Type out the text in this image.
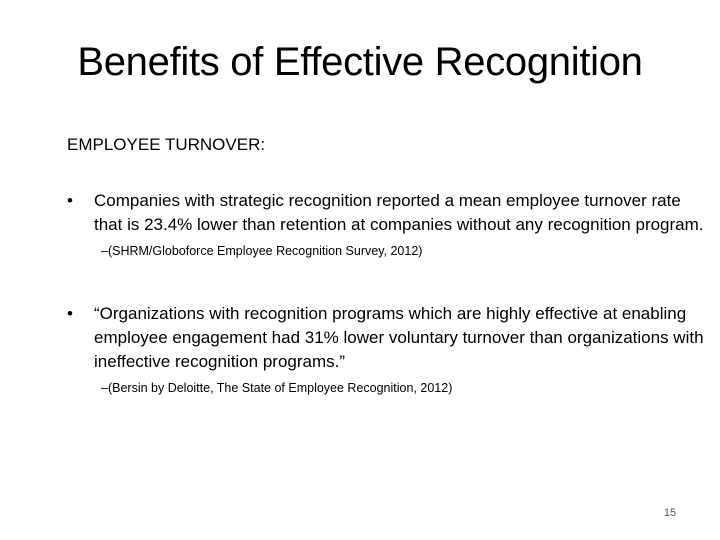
Benefits of Effective Recognition

EMPLOYEE TURNOVER:

•	Companies with strategic recognition reported a mean employee turnover rate that is 23.4% lower than retention at companies without any recognition program.

–(SHRM/Globoforce Employee Recognition Survey, 2012)
•	“Organizations with recognition programs which are highly effective at enabling employee engagement had 31% lower voluntary turnover than organizations with ineffective recognition programs.”

–(Bersin by Deloitte, The State of Employee Recognition, 2012)
15
